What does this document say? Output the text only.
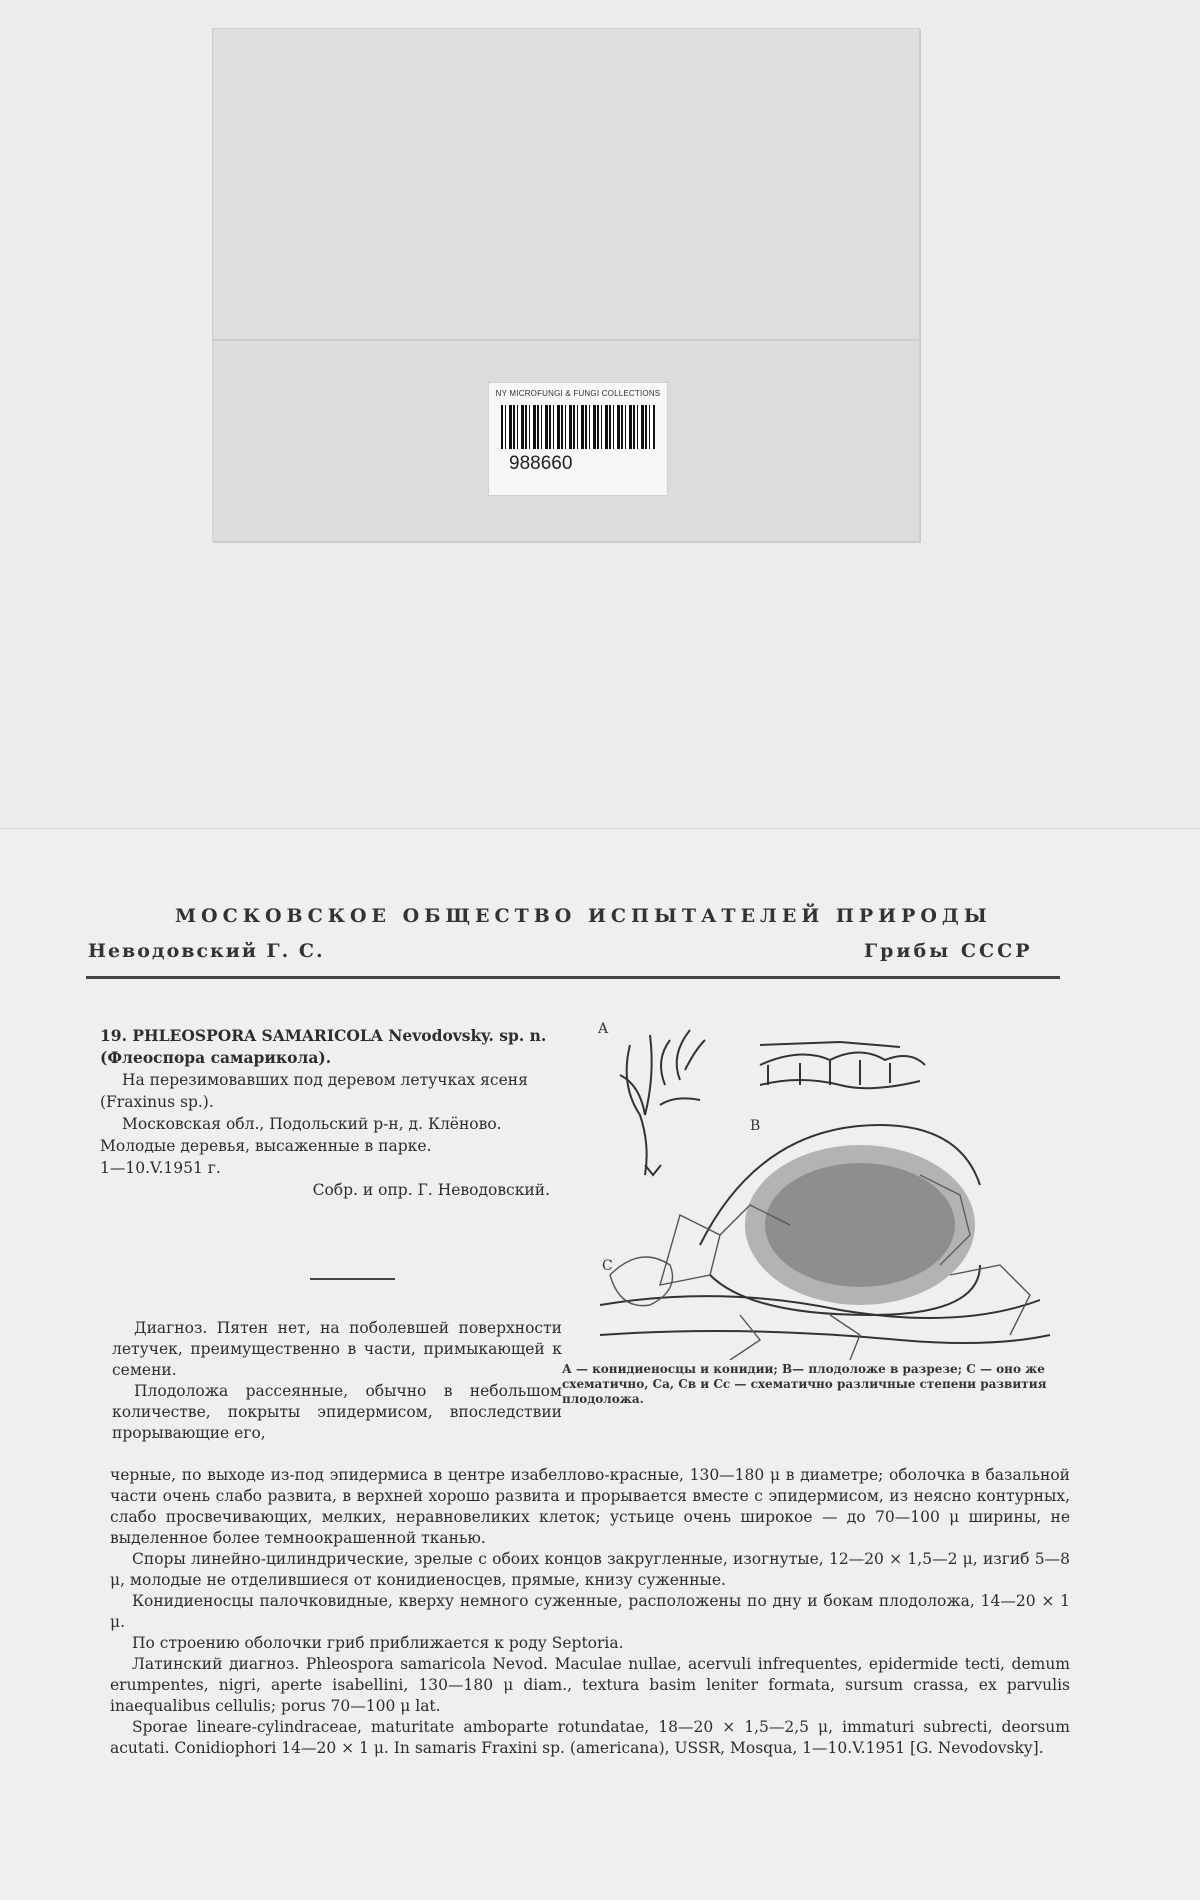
NY MICROFUNGI & FUNGI COLLECTIONS
988660
МОСКОВСКОЕ ОБЩЕСТВО ИСПЫТАТЕЛЕЙ ПРИРОДЫ
Неводовский Г. С.	Грибы СССР

19. PHLEOSPORA SAMARICOLA Nevodovsky. sp. n. (Флеоспора самарикола).

На перезимовавших под деревом летучках ясеня (Fraxinus sp.).

Московская обл., Подольский р-н, д. Клёново. Молодые деревья, высаженные в парке.

1—10.V.1951 г.

Собр. и опр. Г. Неводовский.

A
B
C
А — конидиеносцы и конидии; В— плодоложе в разрезе; С — оно же схематично, Са, Св и Сс — схематично различные степени развития плодоложа.

Диагноз. Пятен нет, на поболевшей поверхности летучек, преимущественно в части, примыкающей к семени.

Плодоложа рассеянные, обычно в небольшом количестве, покрыты эпидермисом, впоследствии прорывающие его,

черные, по выходе из-под эпидермиса в центре изабеллово-красные, 130—180 μ в диаметре; оболочка в базальной части очень слабо развита, в верхней хорошо развита и прорывается вместе с эпидермисом, из неясно контурных, слабо просвечивающих, мелких, неравновеликих клеток; устьице очень широкое — до 70—100 μ ширины, не выделенное более темноокрашенной тканью.

Споры линейно-цилиндрические, зрелые с обоих концов закругленные, изогнутые, 12—20 × 1,5—2 μ, изгиб 5—8 μ, молодые не отделившиеся от конидиеносцев, прямые, книзу суженные.

Конидиеносцы палочковидные, кверху немного суженные, расположены по дну и бокам плодоложа, 14—20 × 1 μ.

По строению оболочки гриб приближается к роду Septoria.

Латинский диагноз. Phleospora samaricola Nevod. Maculae nullae, acervuli infrequentes, epidermide tecti, demum erumpentes, nigri, aperte isabellini, 130—180 μ diam., textura basim leniter formata, sursum crassa, ex parvulis inaequalibus cellulis; porus 70—100 μ lat.

Sporae lineare-cylindraceae, maturitate amboparte rotundatae, 18—20 × 1,5—2,5 μ, immaturi subrecti, deorsum acutati. Conidiophori 14—20 × 1 μ. In samaris Fraxini sp. (americana), USSR, Mosqua, 1—10.V.1951 [G. Nevodovsky].
